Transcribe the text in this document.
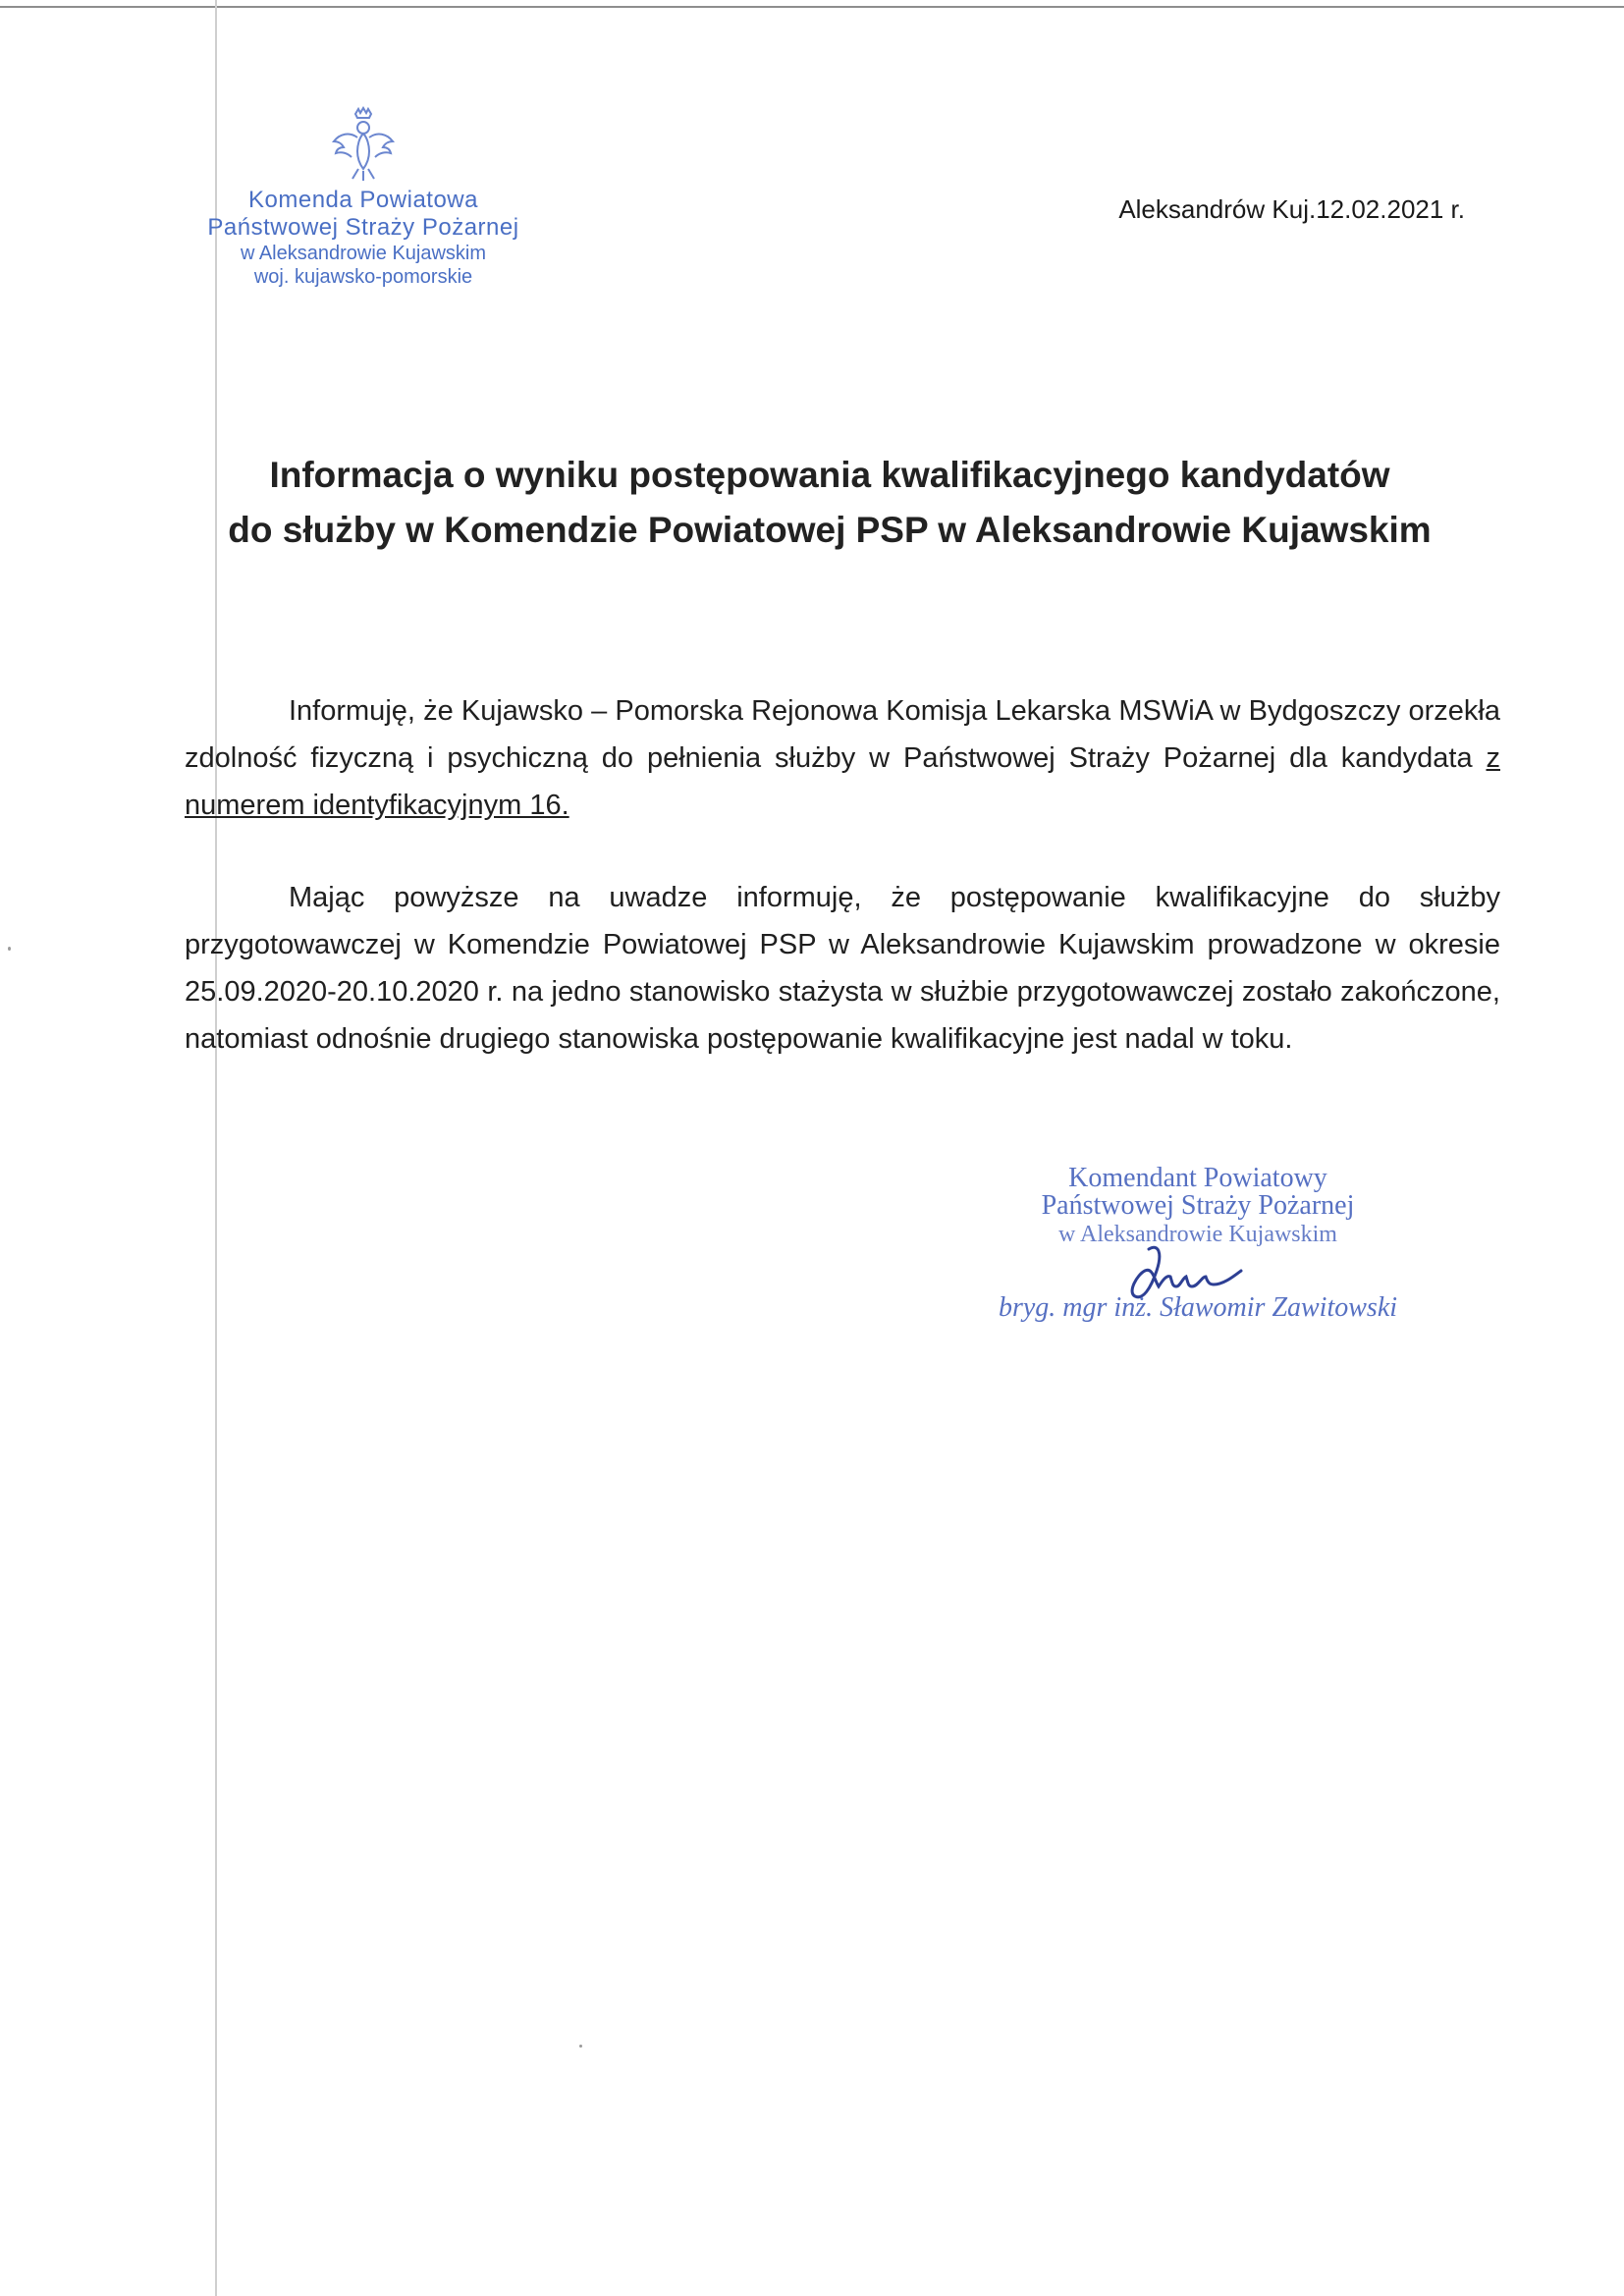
Komenda Powiatowa
Państwowej Straży Pożarnej
w Aleksandrowie Kujawskim
woj. kujawsko-pomorskie
Aleksandrów Kuj.12.02.2021 r.
Informacja o wyniku postępowania kwalifikacyjnego kandydatów
do służby w Komendzie Powiatowej PSP w Aleksandrowie Kujawskim

Informuję, że Kujawsko – Pomorska Rejonowa Komisja Lekarska MSWiA w Bydgoszczy orzekła zdolność fizyczną i psychiczną do pełnienia służby w Państwowej Straży Pożarnej dla kandydata z numerem identyfikacyjnym 16.

Mając powyższe na uwadze informuję, że postępowanie kwalifikacyjne do służby przygotowawczej w Komendzie Powiatowej PSP w Aleksandrowie Kujawskim prowadzone w okresie 25.09.2020-20.10.2020 r. na jedno stanowisko stażysta w służbie przygotowawczej zostało zakończone, natomiast odnośnie drugiego stanowiska postępowanie kwalifikacyjne jest nadal w toku.

Komendant Powiatowy
Państwowej Straży Pożarnej
w Aleksandrowie Kujawskim
bryg. mgr inż. Sławomir Zawitowski
